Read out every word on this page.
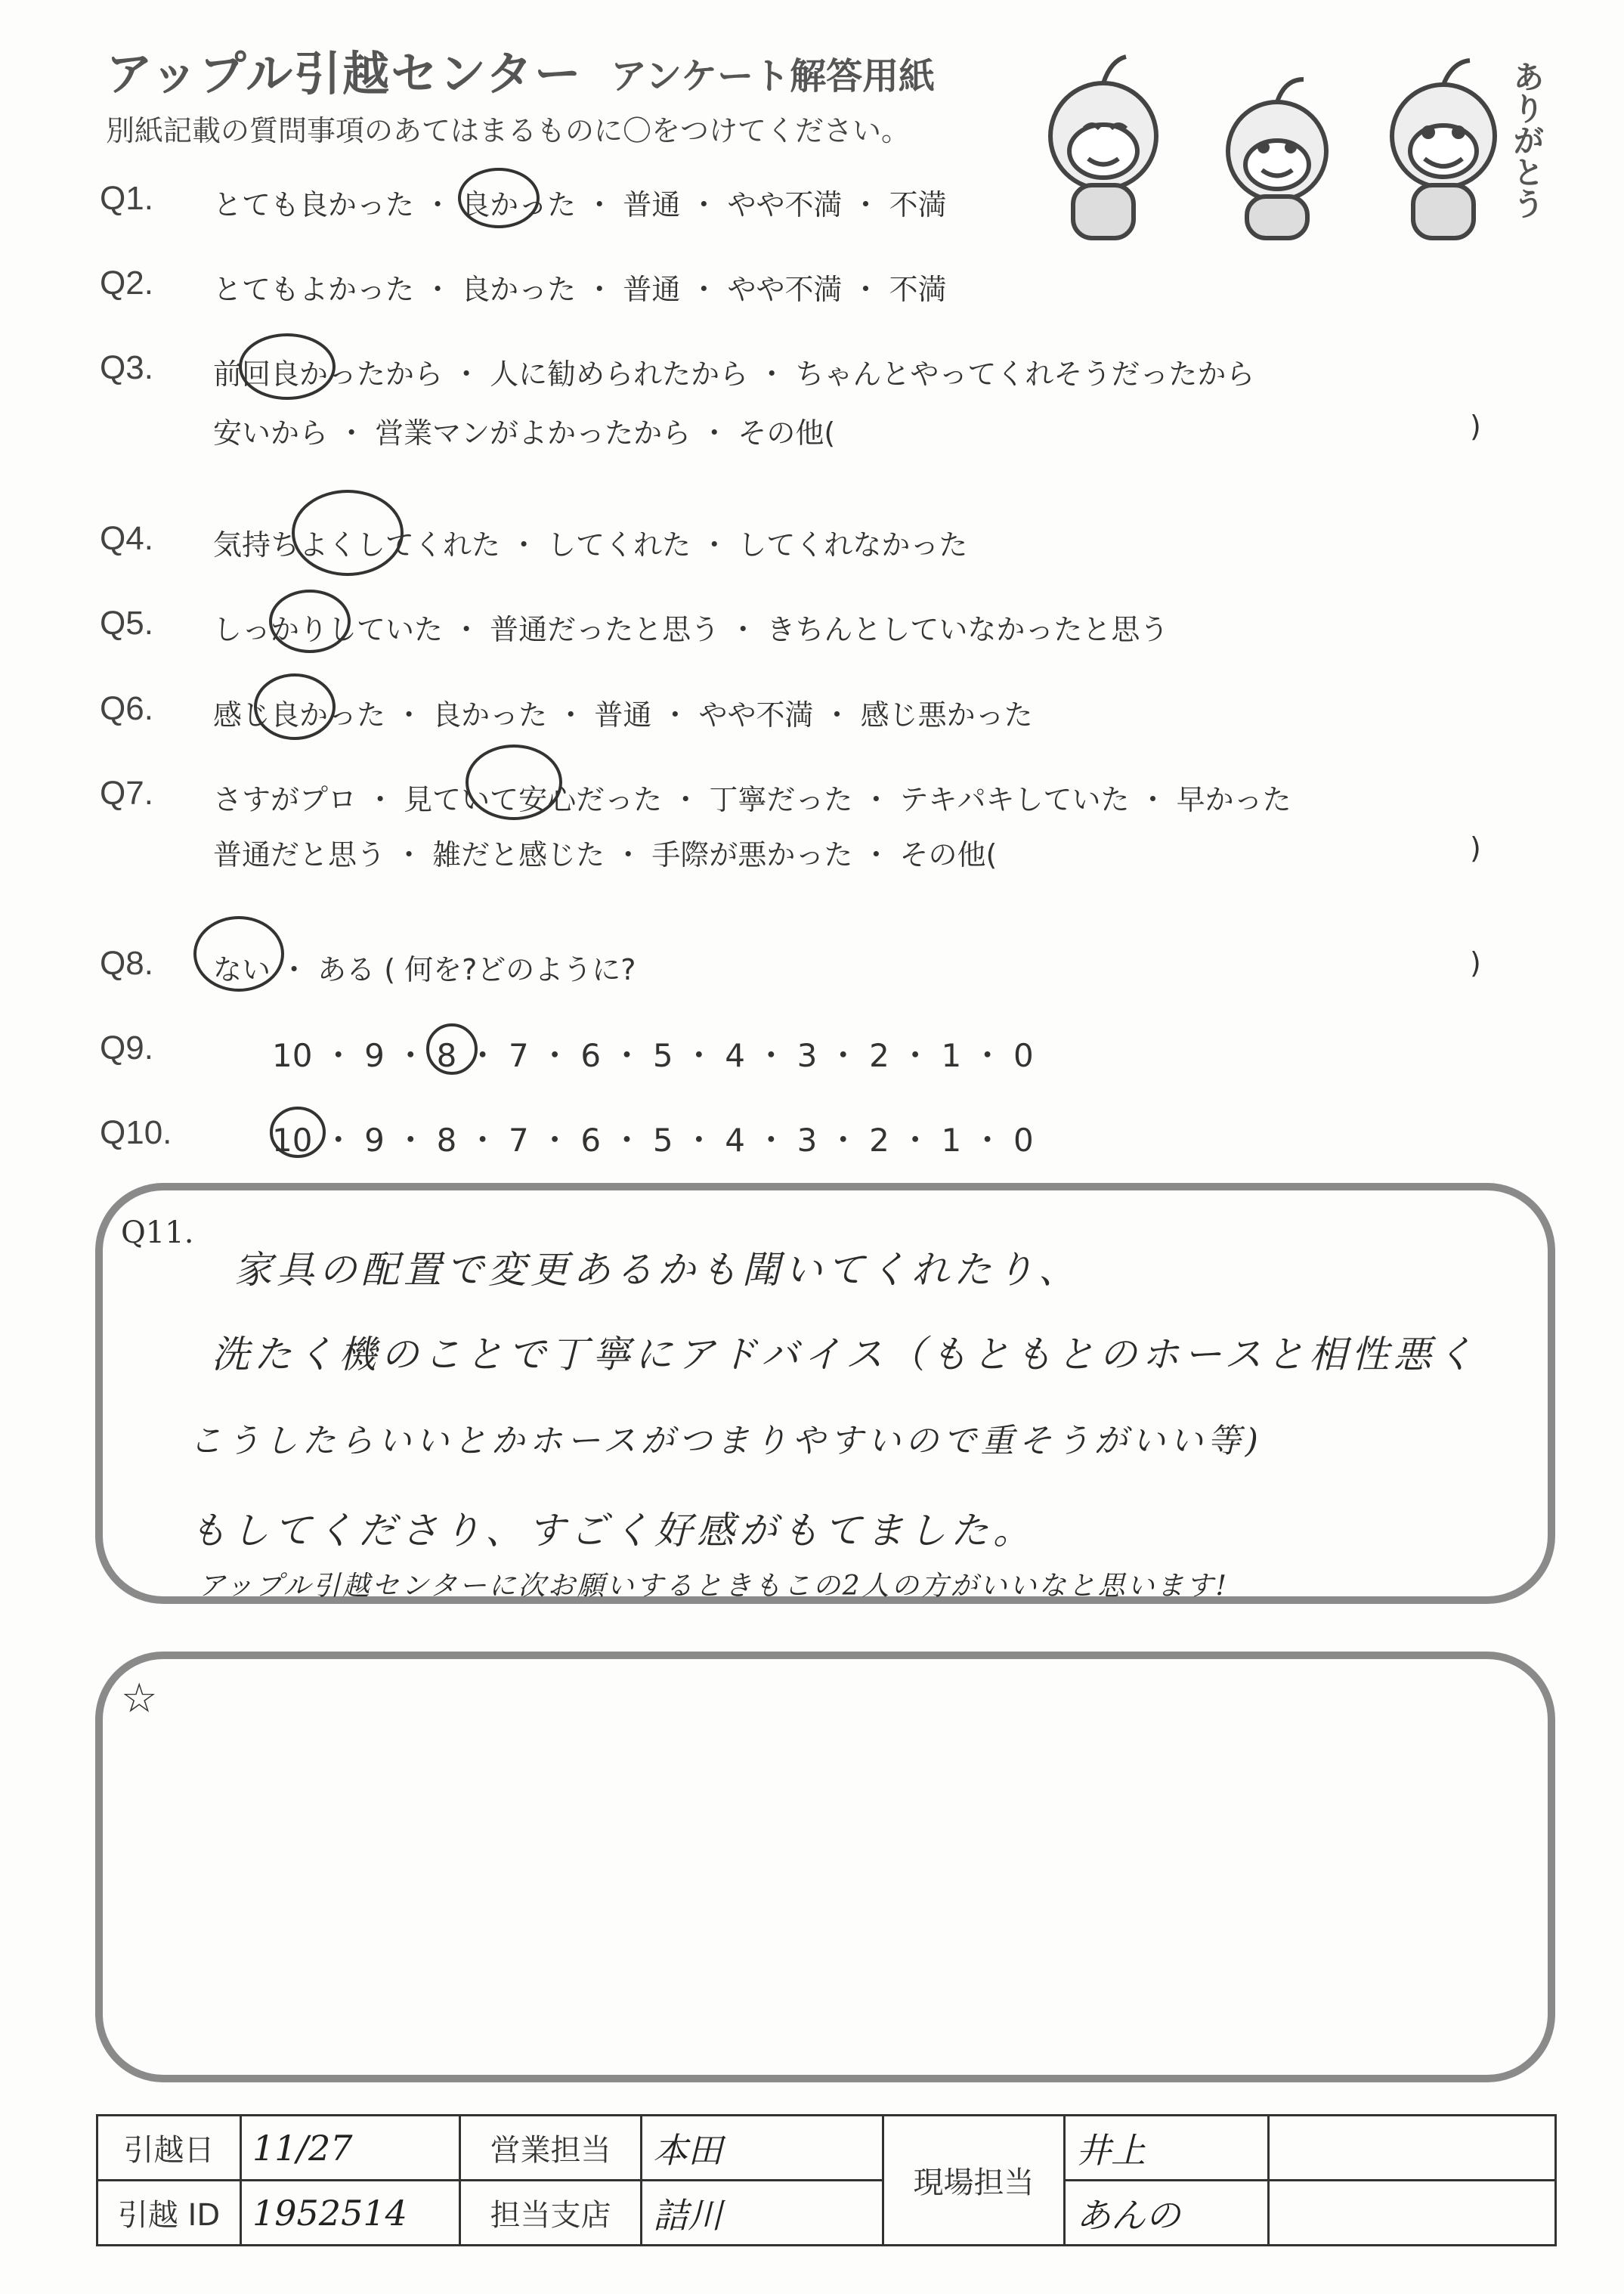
アップル引越センター アンケート解答用紙
別紙記載の質問事項のあてはまるものに〇をつけてください。	ありがとう
Q1. とても良かった ・ 良かった ・ 普通 ・ やや不満 ・ 不満
Q2. とてもよかった ・ 良かった ・ 普通 ・ やや不満 ・ 不満
Q3. 前回良かったから ・ 人に勧められたから ・ ちゃんとやってくれそうだったから
安いから ・ 営業マンがよかったから ・ その他(	)
Q4. 気持ちよくしてくれた ・ してくれた ・ してくれなかった
Q5. しっかりしていた ・ 普通だったと思う ・ きちんとしていなかったと思う
Q6. 感じ良かった ・ 良かった ・ 普通 ・ やや不満 ・ 感じ悪かった
Q7. さすがプロ ・ 見ていて安心だった ・ 丁寧だった ・ テキパキしていた ・ 早かった
普通だと思う ・ 雑だと感じた ・ 手際が悪かった ・ その他(	)
Q8. ない ・ ある ( 何を?どのように?	)
Q9.	10 ・ 9 ・ 8 ・ 7 ・ 6 ・ 5 ・ 4 ・ 3 ・ 2 ・ 1 ・ 0
Q10.	10 ・ 9 ・ 8 ・ 7 ・ 6 ・ 5 ・ 4 ・ 3 ・ 2 ・ 1 ・ 0
Q11.
家具の配置で変更あるかも聞いてくれたり、
洗たく機のことで丁寧にアドバイス（もともとのホースと相性悪く
こうしたらいいとかホースがつまりやすいので重そうがいい等)
もしてくださり、すごく好感がもてました。
アップル引越センターに次お願いするときもこの2人の方がいいなと思います!
☆
引越日	11/27	営業担当	本田	現場担当	井上	
引越 ID	1952514	担当支店	詰川		あんの	
